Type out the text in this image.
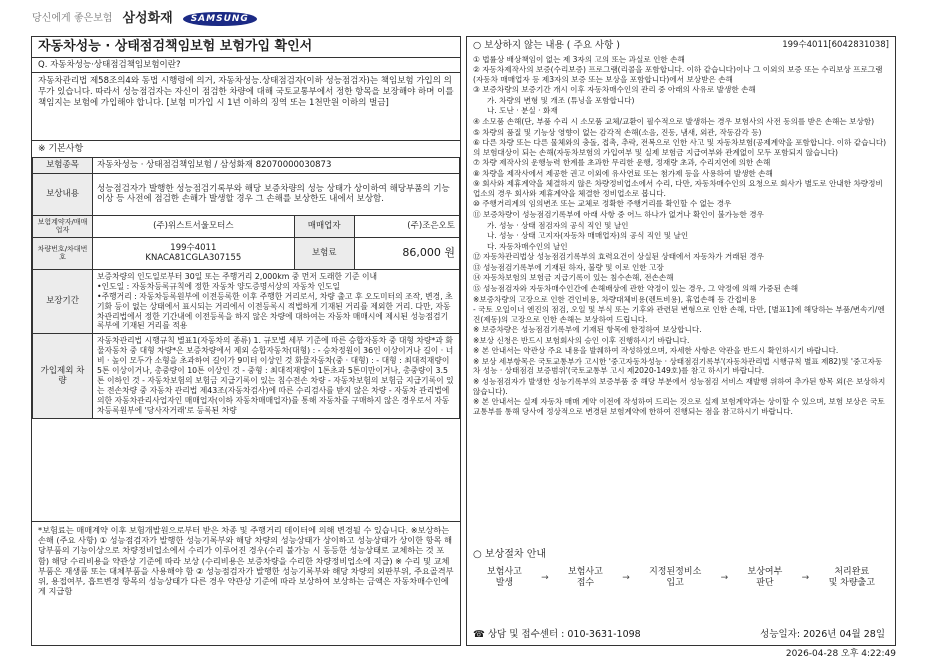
당신에게 좋은보험 삼성화재	SAMSUNG
자동차성능 · 상태점검책임보험 보험가입 확인서
Q. 자동차성능·상태점검책임보험이란?
자동차관리법 제58조의4와 동법 시행령에 의거, 자동차성능.상태점검자(이하 성능점검자)는 책임보험 가입의 의무가 있습니다. 따라서 성능점검자는 자신이 점검한 차량에 대해 국토교통부에서 정한 항목을 보장해야 하며 이를 책임지는 보험에 가입해야 합니다. [보험 미가입 시 1년 이하의 징역 또는 1천만원 이하의 벌금]
※ 기본사항
보험종목	자동차성능 · 상태점검책임보험 / 삼성화재 82070000030873		
보상내용	성능점검자가 발행한 성능점검기록부와 해당 보증차량의 성능 상태가 상이하여 해당부품의 기능이상 등 사전에 점검한 손해가 발생할 경우 그 손해를 보상한도 내에서 보상함.		
보험계약자/매매업자	(주)위스트서울모터스	매매업자	(주)조은오토
차량번호/차대번호	199수4011
KNACA81CGLA307155	보험료	86,000 원
보장기간	보증차량의 인도일로부터 30일 또는 주행거리 2,000km 중 먼저 도래한 기준 이내
•인도일 : 자동차등록규칙에 정한 자동차 양도증명서상의 자동차 인도일
•주행거리 : 자동차등록원부에 이전등록한 이후 주행한 거리로서, 차량 출고 후 오도미터의 조작, 변경, 초기화 등이 없는 상태에서 표시되는 거리에서 이전등록시 적법하게 기재된 거리를 제외한 거리. 다만, 자동차관리법에서 정한 기간내에 이전등록을 하지 않은 차량에 대하여는 자동차 매매시에 제시된 성능점검기록부에 기재된 거리를 적용		

가입제외 차량	자동차관리법 시행규칙 별표1(자동차의 종류) 1. 규모별 세부 기준에 따른 승합자동차 중 대형 차량*과 화물자동차 중 대형 차량*은 보증차량에서 제외 승합자동차(대형) : - 승차정원이 36인 이상이거나 길이 · 너비 · 높이 모두가 소형을 초과하여 길이가 9미터 이상인 것 화물자동차(중 · 대형) : - 대형 : 최대적재량이 5톤 이상이거나, 총중량이 10톤 이상인 것 - 중형 : 최대적재량이 1톤초과 5톤미만이거나, 총중량이 3.5톤 이하인 것 - 자동차보험의 보험금 지급기록이 있는 침수전손 차량 - 자동차보험의 보험금 지급기록이 있는 전손차량 중 자동차 관리법 제43조(자동차검사)에 따른 수리검사를 받지 않은 차량 - 자동차 관리법에 의한 자동차관리사업자인 매매업자(이하 자동차매매업자)를 통해 자동차를 구매하지 않은 경우로서 자동차등록원부에 '당사자거래'로 등록된 차량		
*보험료는 매매계약 이후 보험개발원으로부터 받은 차종 및 주행거리 데이터에 의해 변경될 수 있습니다. ※보상하는 손해 (주요 사항) ① 성능점검자가 발행한 성능기록부와 해당 차량의 성능상태가 상이하고 성능상태가 상이한 항목 해당부품의 기능이상으로 차량정비업소에서 수리가 이루어진 경우(수리 불가능 시 동등한 성능상태로 교체하는 것 포함) 해당 수리비용을 약관상 기준에 따라 보상 (수리비용은 보증차량을 수리한 차량정비업소에 지급) ※ 수리 및 교체 부품은 재생품 또는 대체부품을 사용해야 함 ② 성능점검자가 발행한 성능기록부와 해당 차량의 외판부위, 주요골격부위, 용접여부, 흡트변경 항목의 성능상태가 다른 경우 약관상 기준에 따라 보상하여 보상하는 금액은 자동차매수인에게 지급함
○ 보상하지 않는 내용 ( 주요 사항 )	199수4011[6042831038]
① 법률상 배상책임이 없는 제 3자의 고의 또는 과실로 인한 손해
② 자동차제작사의 보증(수리보증) 프로그램(리콜을 포함합니다. 이하 같습니다)이나 그 이외의 보증 또는 수리보상 프로그램(자동차 매매업자 등 제3자의 보증 또는 보상을 포함합니다)에서 보상받은 손해
③ 보증차량의 보증기간 개시 이후 자동차매수인의 관리 중 아래의 사유로 발생한 손해
가. 차량의 변형 및 개조 (튜닝을 포함합니다)
나. 도난 · 분실 · 화재
④ 소모품 손해(단, 부품 수리 시 소모품 교체/교환이 필수적으로 발생하는 경우 보험사의 사전 동의를 받은 손해는 보상함)
⑤ 차량의 품질 및 기능상 영향이 없는 감각적 손해(소음, 진동, 냄새, 외관, 작동감각 등)
⑥ 다른 차량 또는 다른 물체와의 충돌, 접촉, 추락, 전복으로 인한 사고 및 자동차보험(공제계약을 포함합니다. 이하 같습니다)의 보험대상이 되는 손해(자동차보험의 가입여부 및 실제 보험금 지급여부와 관계없이 모두 포함되지 않습니다)
⑦ 차량 제작사의 운행능력 한계를 초과한 무리한 운행, 정재량 초과, 수리지연에 의한 손해
⑧ 차량을 제작사에서 제공한 권고 이외에 유사연료 또는 첨가제 등을 사용하여 발생한 손해
⑨ 회사와 제휴계약을 체결하지 않은 차량정비업소에서 수리, 다만, 자동차매수인의 요청으로 회사가 별도로 안내한 차량정비업소의 경우 회사와 제휴계약을 체결한 정비업소로 봅니다.
⑩ 주행거리계의 임의변조 또는 교체로 정확한 주행거리를 확인할 수 없는 경우
⑪ 보증차량이 성능점검기록부에 아래 사항 중 어느 하나가 없거나 확인이 불가능한 경우
가. 성능 · 상태 점검자의 공식 직인 및 날인
나. 성능 · 상태 고지자(자동차 매매업자)의 공식 직인 및 날인
다. 자동차매수인의 날인
⑫ 자동차관리법상 성능점검기록부의 효력요건이 상실된 상태에서 자동차가 거래된 경우
⑬ 성능점검기록부에 기재된 하자, 불량 및 이로 인한 고장
⑭ 자동차보험의 보험금 지급기록이 있는 침수손해, 전손손해
⑮ 성능점검자와 자동차매수인간에 손해배상에 관한 약정이 있는 경우, 그 약정에 의해 가중된 손해
※보증차량의 고장으로 인한 견인비용, 차량대체비용(렌트비용), 휴업손해 등 간접비용
- 국토 오일이너 엔진의 점검, 오일 및 부식 또는 기후와 관련된 변형으로 인한 손해, 다만, [별표1]에 해당하는 부품/변속기/엔진(제동)의 고장으로 인한 손해는 보상하여 드립니다.
※ 보증차량은 성능점검기록부에 기재된 항목에 한정하여 보상합니다.
※보상 신청은 반드시 보험회사의 승인 이후 진행하시기 바랍니다.
※ 본 안내서는 약관상 주요 내용을 발췌하여 작성하였으며, 자세한 사항은 약관을 반드시 확인하시기 바랍니다.
※ 보상 세부항목은 국토교통부가 고시한 '중고자동차성능 · 상태점검기록부'(자동차관리법 시행규칙 별표 제82)및 '중고자동차 성능 · 상태점검 보증범위'(국토교통부 고시 제2020-149호)를 참고 하시기 바랍니다.
※ 성능점검자가 발생한 성능기록부의 보증부품 중 해당 부분에서 성능점검 서비스 재발행 위하여 추가된 항목 외(은 보상하지 않습니다).
※ 본 안내서는 실제 자동차 매매 계약 이전에 작성하여 드리는 것으로 실제 보험계약과는 상이할 수 있으며, 보험 보상은 국토교통부를 통해 당사에 정상적으로 변경된 보험계약에 한하여 진행되는 점을 참고하시기 바랍니다.
○ 보상절차 안내
보험사고
발생
→
보험사고
접수
→
지정된정비소
입고
→
보상여부
판단
→
처리완료
및 차량출고
☎ 상담 및 접수센터 : 010-3631-1098	성능일자: 2026년 04월 28일
2026-04-28 오후 4:22:49
